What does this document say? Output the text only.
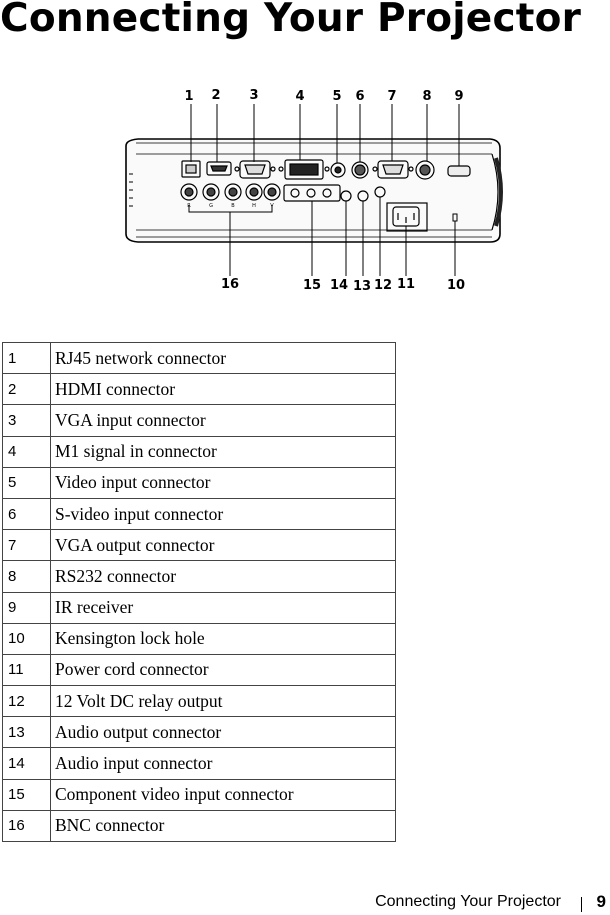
Connecting Your Projector
1 2 3	4 5 6 7 8 9
16	15 14 13 12 11 10
R	G	B	H	V
1	RJ45 network connector
2	HDMI connector
3	VGA input connector
4	M1 signal in connector
5	Video input connector
6	S-video input connector
7	VGA output connector
8	RS232 connector
9	IR receiver
10	Kensington lock hole
11	Power cord connector
12	12 Volt DC relay output
13	Audio output connector
14	Audio input connector
15	Component video input connector
16	BNC connector
Connecting Your Projector 9
